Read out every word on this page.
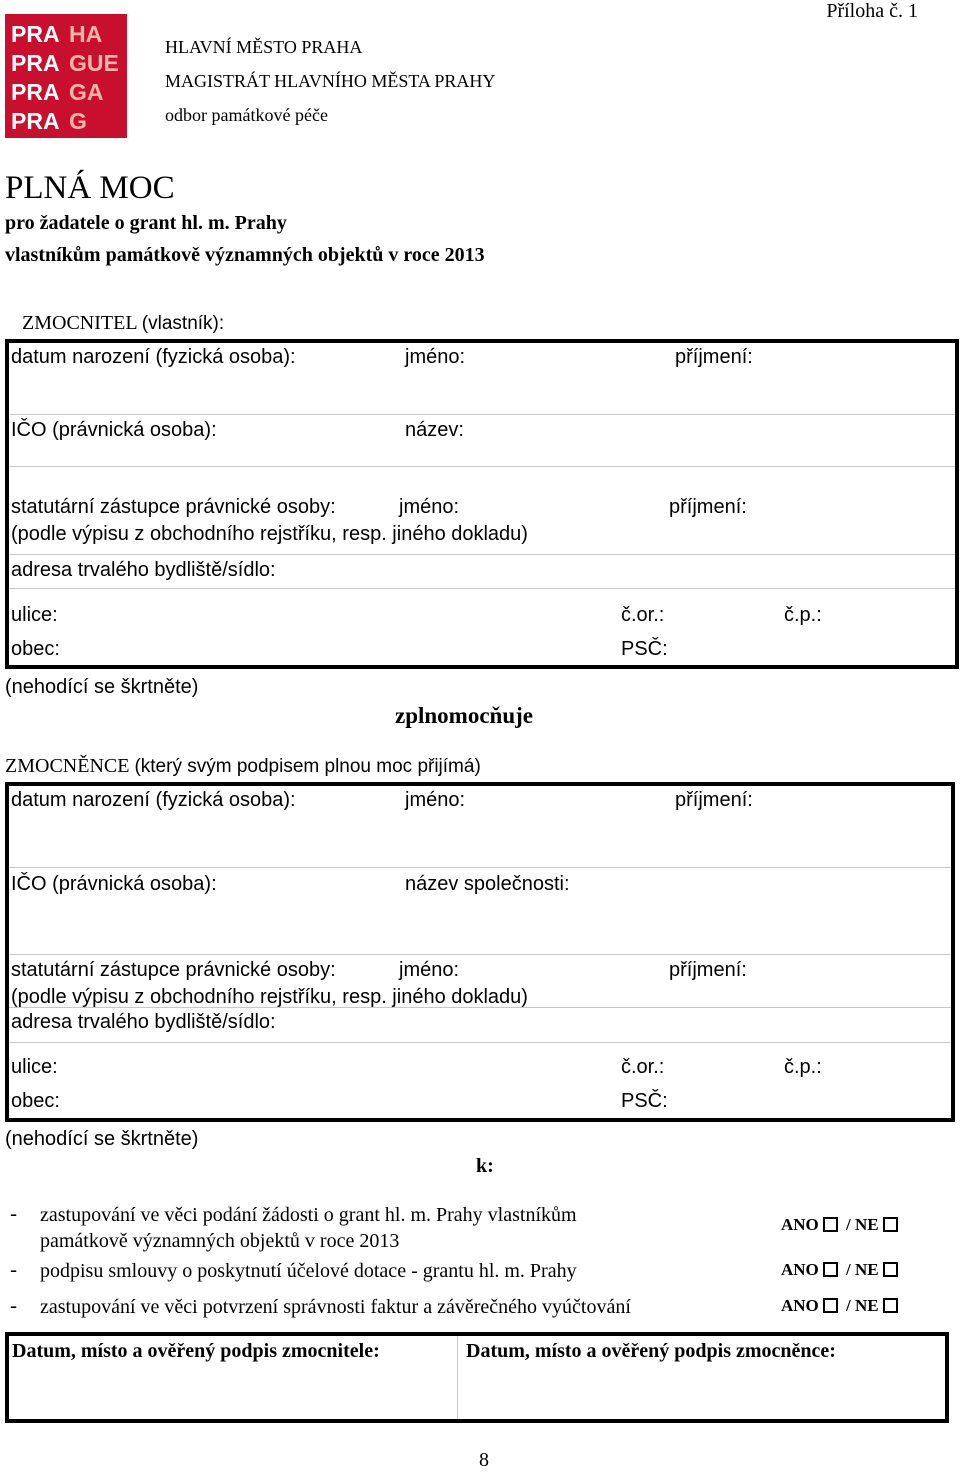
PRA HA
PRA GUE
PRA GA
PRA G
Příloha č. 1
HLAVNÍ MĚSTO PRAHA
MAGISTRÁT HLAVNÍHO MĚSTA PRAHY
odbor památkové péče
PLNÁ MOC
pro žadatele o grant hl. m. Prahy
vlastníkům památkově významných objektů v roce 2013
ZMOCNITEL (vlastník):
datum narození (fyzická osoba):	jméno:	příjmení:
IČO (právnická osoba):	název:
statutární zástupce právnické osoby:	jméno:	příjmení:
(podle výpisu z obchodního rejstříku, resp. jiného dokladu)
adresa trvalého bydliště/sídlo:
ulice:	č.or.:	č.p.:
obec:	PSČ:
(nehodící se škrtněte)
zplnomocňuje
ZMOCNĚNCE (který svým podpisem plnou moc přijímá)
datum narození (fyzická osoba):	jméno:	příjmení:
IČO (právnická osoba):	název společnosti:
statutární zástupce právnické osoby:	jméno:	příjmení:
(podle výpisu z obchodního rejstříku, resp. jiného dokladu)
adresa trvalého bydliště/sídlo:
ulice:	č.or.:	č.p.:
obec:	PSČ:
(nehodící se škrtněte)
k:
- zastupování ve věci podání žádosti o grant hl. m. Prahy vlastníkům
památkově významných objektů v roce 2013
ANO / NE
- podpisu smlouvy o poskytnutí účelové dotace - grantu hl. m. Prahy	ANO / NE
- zastupování ve věci potvrzení správnosti faktur a závěrečného vyúčtování	ANO / NE
Datum, místo a ověřený podpis zmocnitele:	Datum, místo a ověřený podpis zmocněnce:
8
